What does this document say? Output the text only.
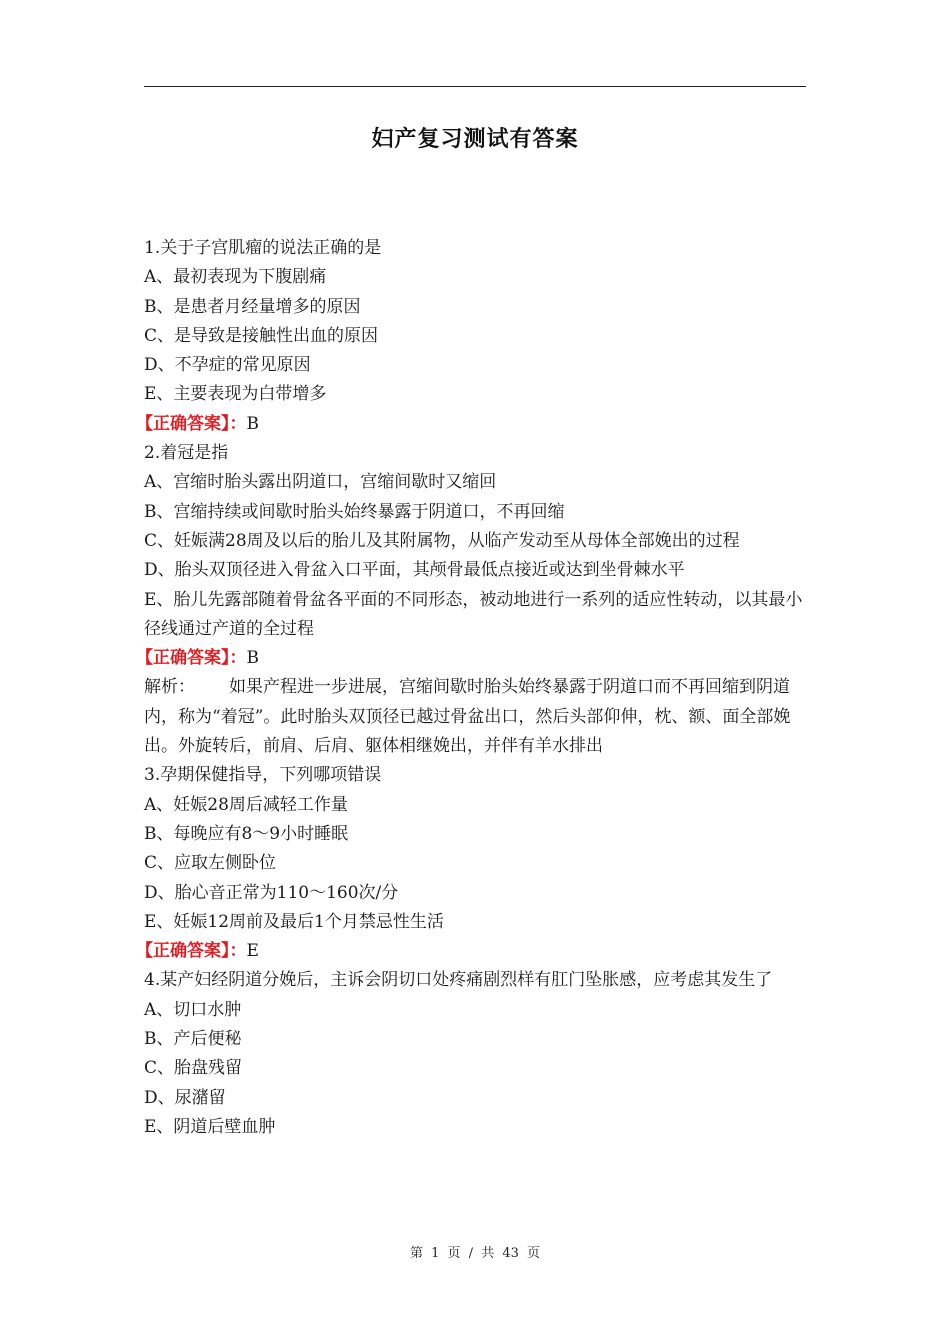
妇产复习测试有答案

1.关于子宫肌瘤的说法正确的是

A、最初表现为下腹剧痛

B、是患者月经量增多的原因

C、是导致是接触性出血的原因

D、不孕症的常见原因

E、主要表现为白带增多

【正确答案】：B

2.着冠是指

A、宫缩时胎头露出阴道口，宫缩间歇时又缩回

B、宫缩持续或间歇时胎头始终暴露于阴道口，不再回缩

C、妊娠满28周及以后的胎儿及其附属物，从临产发动至从母体全部娩出的过程

D、胎头双顶径进入骨盆入口平面，其颅骨最低点接近或达到坐骨棘水平

E、胎儿先露部随着骨盆各平面的不同形态，被动地进行一系列的适应性转动，以其最小径线通过产道的全过程

【正确答案】：B

解析： 如果产程进一步进展，宫缩间歇时胎头始终暴露于阴道口而不再回缩到阴道内，称为“着冠”。此时胎头双顶径已越过骨盆出口，然后头部仰伸，枕、额、面全部娩出。外旋转后，前肩、后肩、躯体相继娩出，并伴有羊水排出

3.孕期保健指导，下列哪项错误

A、妊娠28周后减轻工作量

B、每晚应有8～9小时睡眠

C、应取左侧卧位

D、胎心音正常为110～160次/分

E、妊娠12周前及最后1个月禁忌性生活

【正确答案】：E

4.某产妇经阴道分娩后，主诉会阴切口处疼痛剧烈样有肛门坠胀感，应考虑其发生了

A、切口水肿

B、产后便秘

C、胎盘残留

D、尿潴留

E、阴道后壁血肿

第 1 页 / 共 43 页
